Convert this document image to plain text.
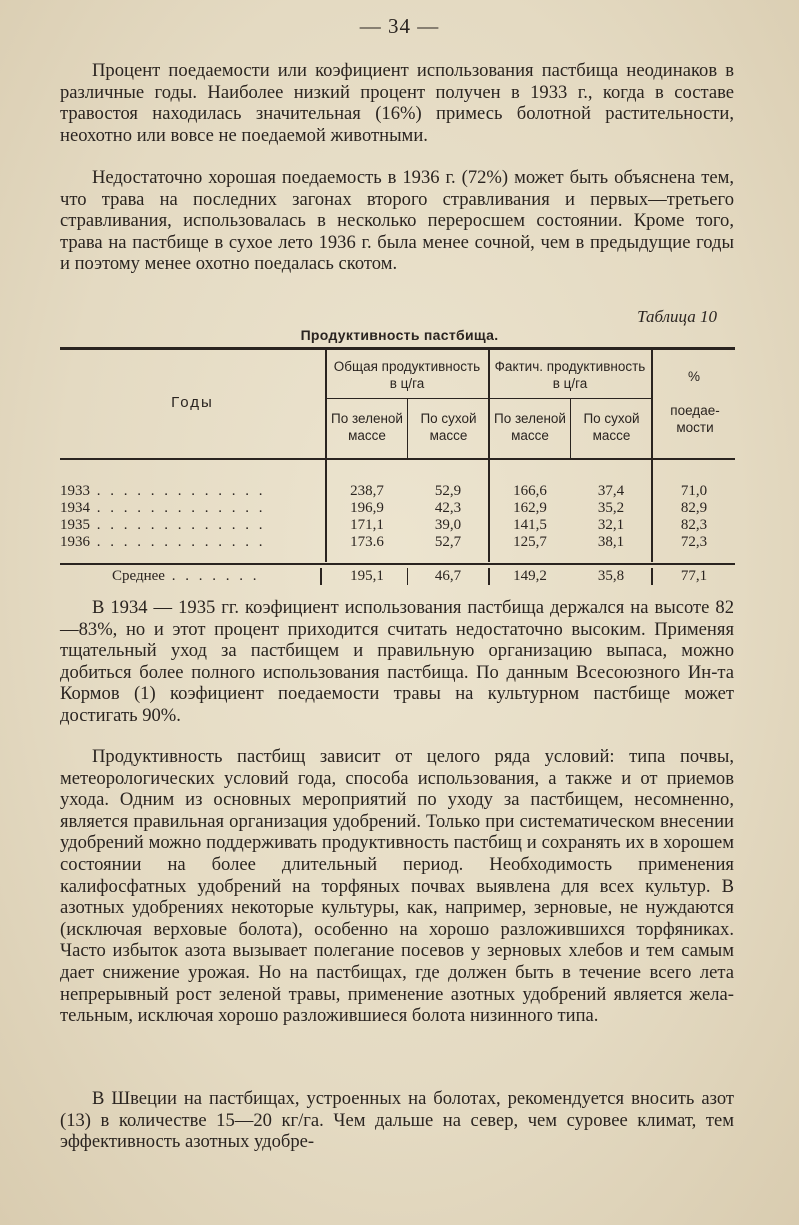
— 34 —

Процент поедаемости или коэфициент использования пастбища неодинаков в различные годы. Наиболее низкий процент получен в 1933 г., когда в составе травостоя находилась значительная (16%) примесь болотной растительности, неохотно или вовсе не поедаемой животными.

Недостаточно хорошая поедаемость в 1936 г. (72%) может быть объяснена тем, что трава на последних загонах второго стравливания и первых—третьего стравливания, использовалась в несколько переросшем состоянии. Кроме того, трава на пастбище в сухое лето 1936 г. была менее сочной, чем в предыдущие годы и поэтому менее охотно поедалась скотом.

Таблица 10
Продуктивность пастбища.
Годы
Общая продуктивность в ц/га
Фактич. продуктивность в ц/га
По зеленой массе
По сухой массе
По зеленой массе
По сухой массе
%
поедаемости
1933 . . . . . . . . . . . . .	238,7	52,9	166,6	37,4	71,0
1934 . . . . . . . . . . . . .	196,9	42,3	162,9	35,2	82,9
1935 . . . . . . . . . . . . .	171,1	39,0	141,5	32,1	82,3
1936 . . . . . . . . . . . . .	173.6	52,7	125,7	38,1	72,3
Среднее . . . . . . .	195,1	46,7	149,2	35,8	77,1

В 1934 — 1935 гг. коэфициент использования пастбища держался на высоте 82—83%, но и этот процент приходится считать недостаточно высоким. Применяя тщательный уход за пастбищем и правильную организацию выпаса, можно добиться более полного использования пастбища. По данным Всесоюзного Ин-та Кормов (1) коэфициент поедаемости травы на культурном пастбище может достигать 90%.

Продуктивность пастбищ зависит от целого ряда условий: типа почвы, метеорологических условий года, способа использования, а также и от приемов ухода. Одним из основных мероприятий по уходу за пастбищем, несомненно, является правильная организация удобрений. Только при систематическом внесении удобрений можно поддерживать продуктивность пастбищ и сохранять их в хорошем состоянии на более длительный период. Необходимость применения калифосфатных удобрений на торфяных почвах выявлена для всех культур. В азотных удобрениях некоторые культуры, как, например, зерновые, не нуждаются (исключая верховые болота), особенно на хорошо разложившихся торфяниках. Часто избыток азота вызывает полегание посевов у зерновых хлебов и тем самым дает снижение урожая. Но на пастбищах, где должен быть в течение всего лета непрерывный рост зеленой травы, применение азотных удобрений является желательным, исключая хорошо разложившиеся болота низинного типа.

В Швеции на пастбищах, устроенных на болотах, рекомендуется вносить азот (13) в количестве 15—20 кг/га. Чем дальше на север, чем суровее климат, тем эффективность азотных удобре-
